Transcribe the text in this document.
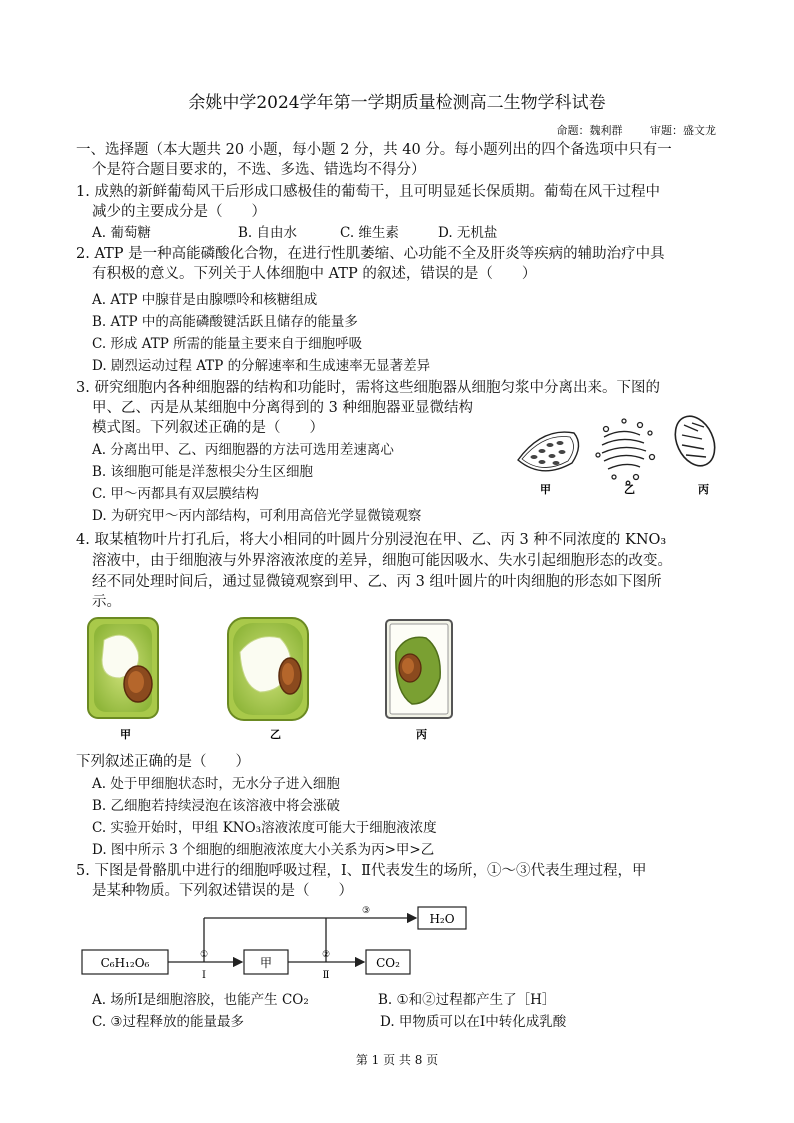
余姚中学2024学年第一学期质量检测高二生物学科试卷
命题：魏利群	审题：盛文龙
一、选择题（本大题共 20 小题，每小题 2 分，共 40 分。每小题列出的四个备选项中只有一
个是符合题目要求的，不选、多选、错选均不得分）
1. 成熟的新鲜葡萄风干后形成口感极佳的葡萄干，且可明显延长保质期。葡萄在风干过程中
减少的主要成分是（　　）
A. 葡萄糖	B. 自由水	C. 维生素	D. 无机盐
2. ATP 是一种高能磷酸化合物，在进行性肌萎缩、心功能不全及肝炎等疾病的辅助治疗中具
有积极的意义。下列关于人体细胞中 ATP 的叙述，错误的是（　　）
A. ATP 中腺苷是由腺嘌呤和核糖组成
B. ATP 中的高能磷酸键活跃且储存的能量多
C. 形成 ATP 所需的能量主要来自于细胞呼吸
D. 剧烈运动过程 ATP 的分解速率和生成速率无显著差异
3. 研究细胞内各种细胞器的结构和功能时，需将这些细胞器从细胞匀浆中分离出来。下图的
甲、乙、丙是从某细胞中分离得到的 3 种细胞器亚显微结构
模式图。下列叙述正确的是（　　）
A. 分离出甲、乙、丙细胞器的方法可选用差速离心
B. 该细胞可能是洋葱根尖分生区细胞
C. 甲～丙都具有双层膜结构
D. 为研究甲～丙内部结构，可利用高倍光学显微镜观察
甲	乙	丙
4. 取某植物叶片打孔后，将大小相同的叶圆片分别浸泡在甲、乙、丙 3 种不同浓度的 KNO₃
溶液中，由于细胞液与外界溶液浓度的差异，细胞可能因吸水、失水引起细胞形态的改变。
经不同处理时间后，通过显微镜观察到甲、乙、丙 3 组叶圆片的叶肉细胞的形态如下图所
示。
甲	乙	丙
下列叙述正确的是（　　）
A. 处于甲细胞状态时，无水分子进入细胞
B. 乙细胞若持续浸泡在该溶液中将会涨破
C. 实验开始时，甲组 KNO₃溶液浓度可能大于细胞液浓度
D. 图中所示 3 个细胞的细胞液浓度大小关系为丙>甲>乙
5. 下图是骨骼肌中进行的细胞呼吸过程，Ⅰ、Ⅱ代表发生的场所，①～③代表生理过程，甲
是某种物质。下列叙述错误的是（　　）
C₆H₁₂O₆	甲	CO₂
H₂O
①	②
③
Ⅰ	Ⅱ
A. 场所Ⅰ是细胞溶胶，也能产生 CO₂	B. ①和②过程都产生了［H］
C. ③过程释放的能量最多	D. 甲物质可以在Ⅰ中转化成乳酸
第 1 页 共 8 页
